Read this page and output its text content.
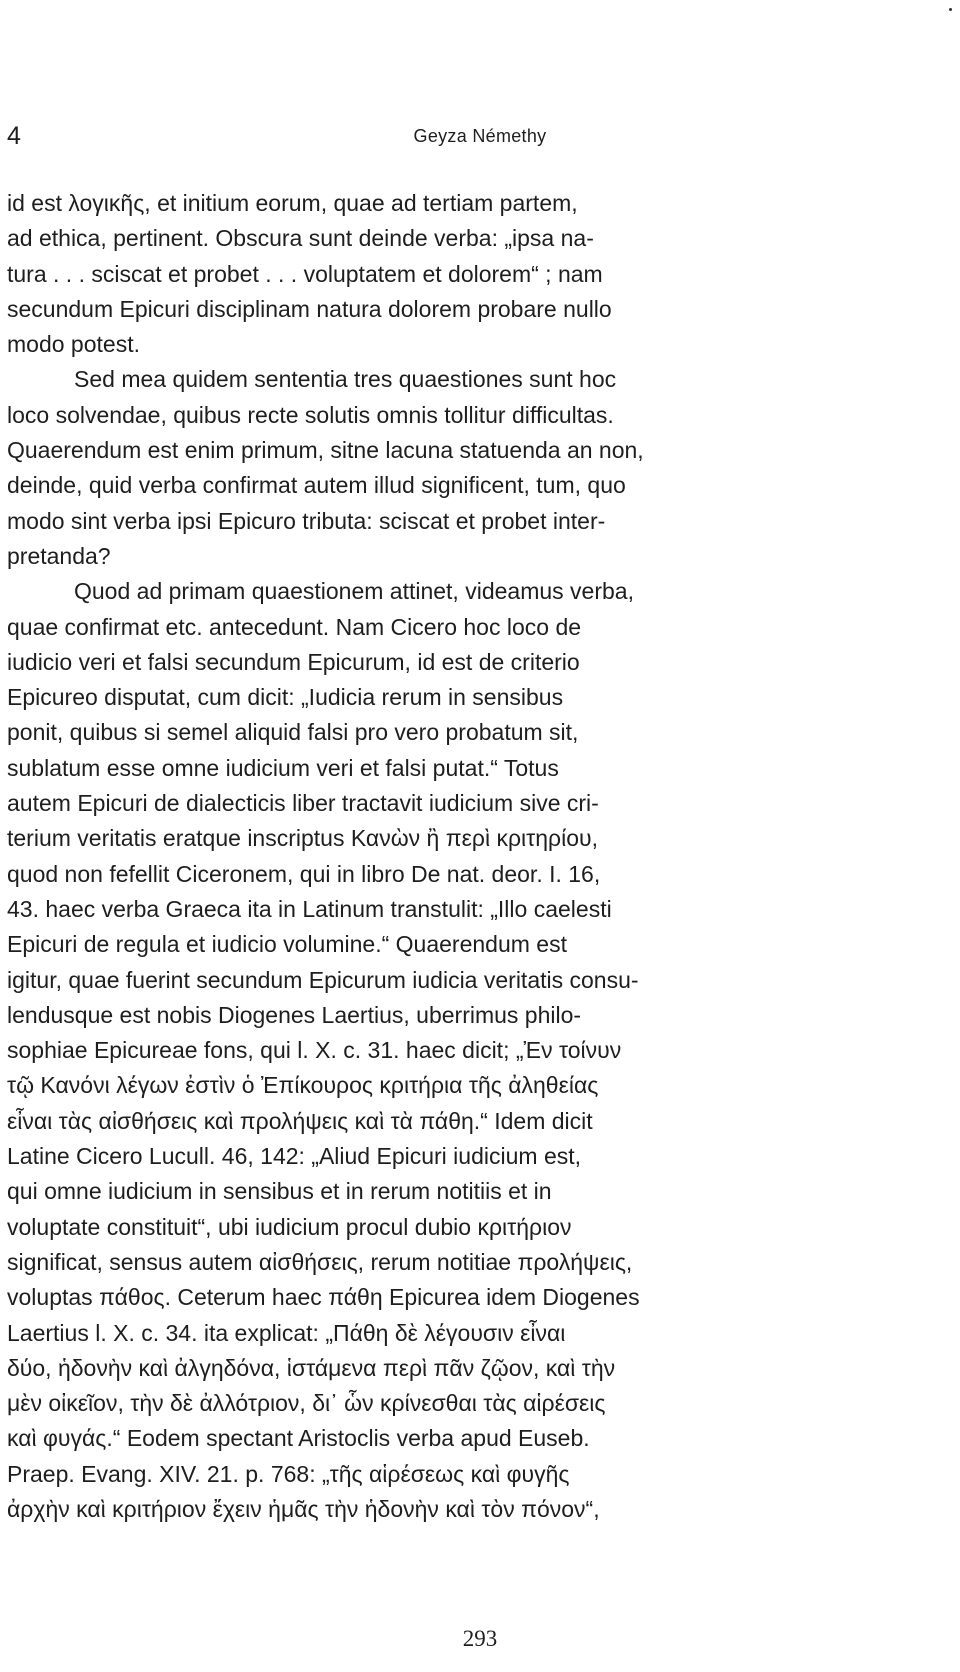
4	Geyza Némethy
id est λογικῆς, et initium eorum, quae ad tertiam partem,
ad ethica, pertinent. Obscura sunt deinde verba: „ipsa na-
tura . . . sciscat et probet . . . voluptatem et dolorem“ ; nam
secundum Epicuri disciplinam natura dolorem probare nullo
modo potest.
Sed mea quidem sententia tres quaestiones sunt hoc
loco solvendae, quibus recte solutis omnis tollitur difficultas.
Quaerendum est enim primum, sitne lacuna statuenda an non,
deinde, quid verba confirmat autem illud significent, tum, quo
modo sint verba ipsi Epicuro tributa: sciscat et probet inter-
pretanda?
Quod ad primam quaestionem attinet, videamus verba,
quae confirmat etc. antecedunt. Nam Cicero hoc loco de
iudicio veri et falsi secundum Epicurum, id est de criterio
Epicureo disputat, cum dicit: „Iudicia rerum in sensibus
ponit, quibus si semel aliquid falsi pro vero probatum sit,
sublatum esse omne iudicium veri et falsi putat.“ Totus
autem Epicuri de dialecticis liber tractavit iudicium sive cri-
terium veritatis eratque inscriptus Κανὼν ἢ περὶ κριτηρίου,
quod non fefellit Ciceronem, qui in libro De nat. deor. I. 16,
43. haec verba Graeca ita in Latinum transtulit: „Illo caelesti
Epicuri de regula et iudicio volumine.“ Quaerendum est
igitur, quae fuerint secundum Epicurum iudicia veritatis consu-
lendusque est nobis Diogenes Laertius, uberrimus philo-
sophiae Epicureae fons, qui l. X. c. 31. haec dicit; „Ἐν τοίνυν
τῷ Κανόνι λέγων ἐστὶν ὁ Ἐπίκουρος κριτήρια τῆς ἀληθείας
εἶναι τὰς αἰσθήσεις καὶ προλήψεις καὶ τὰ πάθη.“ Idem dicit
Latine Cicero Lucull. 46, 142: „Aliud Epicuri iudicium est,
qui omne iudicium in sensibus et in rerum notitiis et in
voluptate constituit“, ubi iudicium procul dubio κριτήριον
significat, sensus autem αἰσθήσεις, rerum notitiae προλήψεις,
voluptas πάθος. Ceterum haec πάθη Epicurea idem Diogenes
Laertius l. X. c. 34. ita explicat: „Πάθη δὲ λέγουσιν εἶναι
δύο, ἡδονὴν καὶ ἀλγηδόνα, ἱστάμενα περὶ πᾶν ζῷον, καὶ τὴν
μὲν οἰκεῖον, τὴν δὲ ἀλλότριον, δι᾽ ὧν κρίνεσθαι τὰς αἱρέσεις
καὶ φυγάς.“ Eodem spectant Aristoclis verba apud Euseb.
Praep. Evang. XIV. 21. p. 768: „τῆς αἱρέσεως καὶ φυγῆς
ἀρχὴν καὶ κριτήριον ἔχειν ἡμᾶς τὴν ἡδονὴν καὶ τὸν πόνον“,
293
